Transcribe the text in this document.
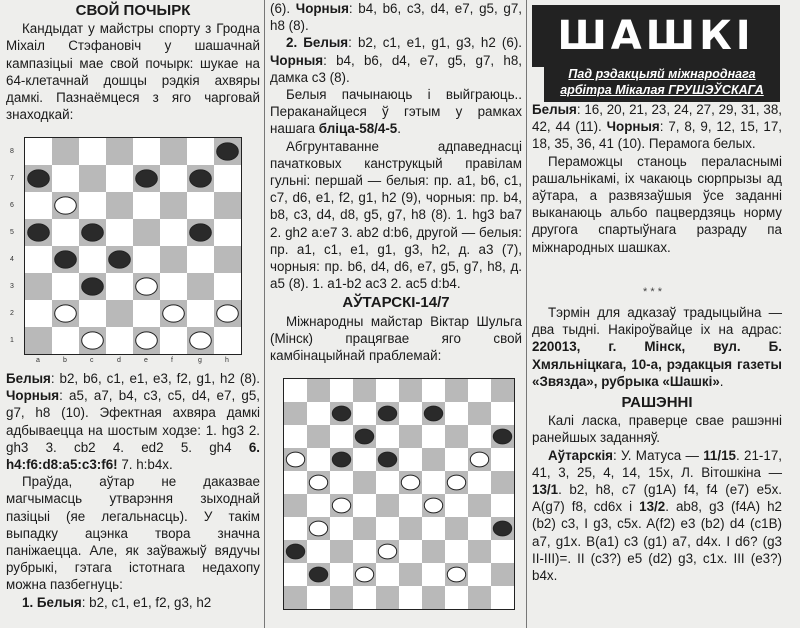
СВОЙ ПОЧЫРК

Кандыдат у майстры спорту з Гродна Міхаіл Стэфановіч у шашачнай кампазіцыі мае свой почырк: шукае на 64-клетачнай дошцы рэдкія ахвяры дамкі. Пазнаёмцеся з яго чарговай знаходкай:

8
7
6
5
4
3
2
1
a	b	c	d	e	f	g	h

Белыя: b2, b6, c1, e1, e3, f2, g1, h2 (8). Чорныя: a5, a7, b4, c3, c5, d4, e7, g5, g7, h8 (10). Эфектная ахвяра дамкі адбываецца на шостым ходзе: 1. hg3 2. gh3 3. cb2 4. ed2 5. gh4 6. h4:f6:d8:a5:c3:f6! 7. h:b4x.

Праўда, аўтар не даказвае магчымасць утварэння зыходнай пазіцыі (яе легальнасць). У такім выпадку ацэнка твора значна паніжаецца. Але, як заўважыў вядучы рубрыкі, гэтага істотнага недахопу можна пазбегнуць:

1. Белыя: b2, c1, e1, f2, g3, h2

(6). Чорныя: b4, b6, c3, d4, e7, g5, g7, h8 (8).

2. Белыя: b2, c1, e1, g1, g3, h2 (6). Чорныя: b4, b6, d4, e7, g5, g7, h8, дамка c3 (8).

Белыя пачынаюць і выйграюць.. Пераканайцеся ў гэтым у рамках нашага бліца-58/4-5.

Абгрунтаванне адпаведнасці пачатковых канструкцый правілам гульні: першай — белыя: пр. a1, b6, c1, c7, d6, e1, f2, g1, h2 (9), чорныя: пр. b4, b8, c3, d4, d8, g5, g7, h8 (8). 1. hg3 ba7 2. gh2 a:e7 3. ab2 d:b6, другой — белыя: пр. a1, c1, e1, g1, g3, h2, д. a3 (7), чорныя: пр. b6, d4, d6, e7, g5, g7, h8, д. a5 (8). 1. a1-b2 ac3 2. ac5 d:b4.

АЎТАРСКІ-14/7

Міжнародны майстар Віктар Шульга (Мінск) працягвае яго свой камбінацыйнай праблемай:

ШАШКІ
Пад рэдакцыяй міжнароднага арбітра Мікалая ГРУШЭЎСКАГА

Белыя: 16, 20, 21, 23, 24, 27, 29, 31, 38, 42, 44 (11). Чорныя: 7, 8, 9, 12, 15, 17, 18, 35, 36, 41 (10). Перамога белых.

Пераможцы станоць пераласнымі рашальнікамі, іх чакаюць сюрпрызы ад аўтара, а развязаўшыя ўсе заданні выканаюць альбо пацвердзяць норму другога спартыўнага разраду па міжнародных шашках.

* * *

Тэрмін для адказаў традыцыйна — два тыдні. Накіроўвайце іх на адрас: 220013, г. Мінск, вул. Б. Хмяльніцкага, 10-а, рэдакцыя газеты «Звязда», рубрыка «Шашкі».

РАШЭННІ

Калі ласка, праверце свае рашэнні ранейшых заданняў.

Аўтарскія: У. Матуса — 11/15. 21-17, 41, 3, 25, 4, 14, 15x, Л. Вітошкіна — 13/1. b2, h8, c7 (g1A) f4, f4 (e7) e5x. A(g7) f8, cd6x і 13/2. ab8, g3 (f4A) h2 (b2) c3, I g3, c5x. A(f2) e3 (b2) d4 (c1B) a7, g1x. B(a1) c3 (g1) a7, d4x. I d6? (g3 II-III)=. II (c3?) e5 (d2) g3, c1x. III (e3?) b4x.
